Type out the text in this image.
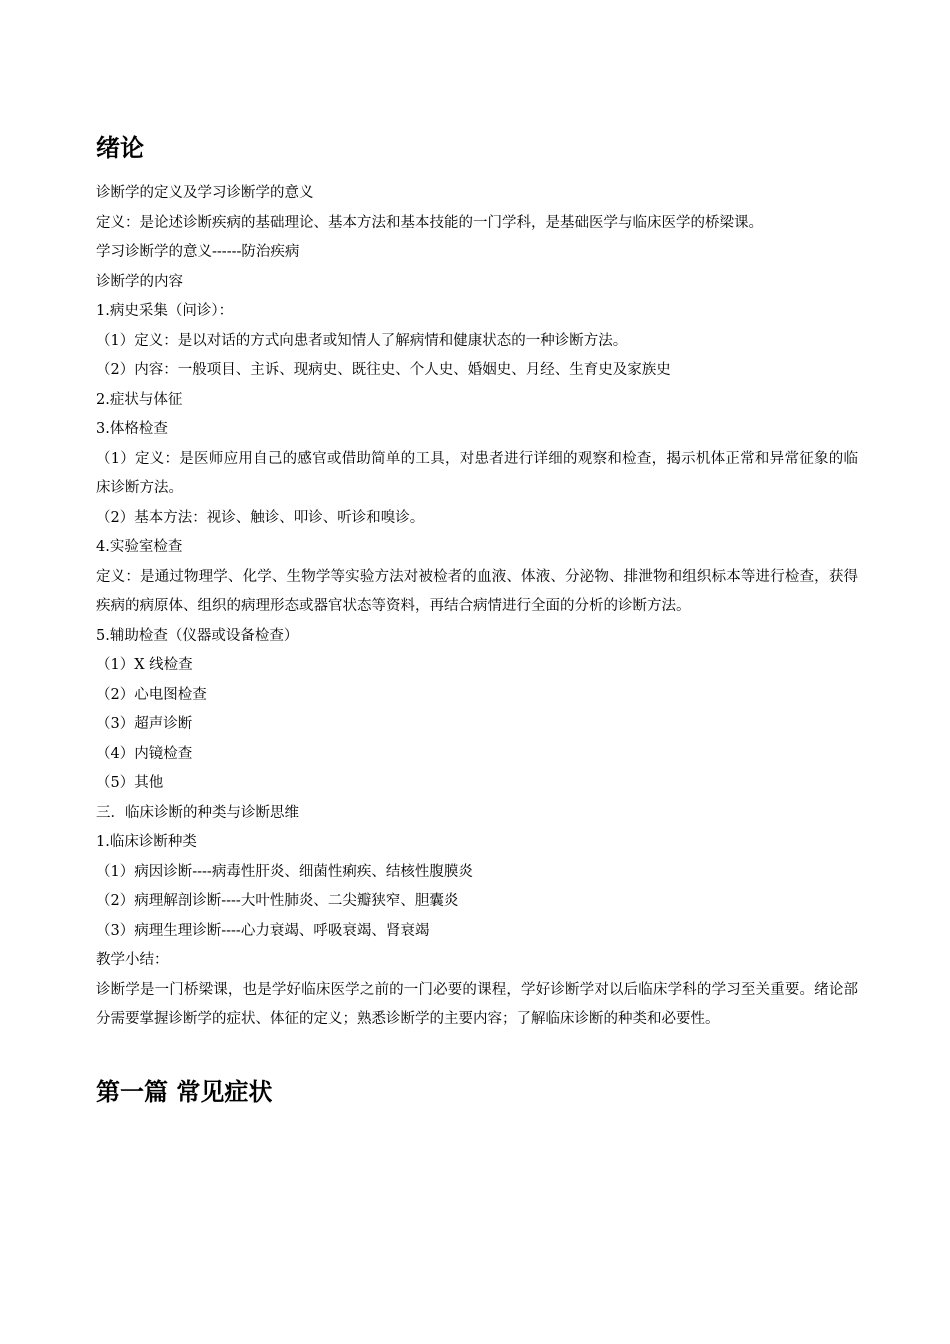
绪论
诊断学的定义及学习诊断学的意义
定义：是论述诊断疾病的基础理论、基本方法和基本技能的一门学科，是基础医学与临床医学的桥梁课。
学习诊断学的意义------防治疾病
诊断学的内容
1.病史采集（问诊）：
（1）定义：是以对话的方式向患者或知情人了解病情和健康状态的一种诊断方法。
（2）内容：一般项目、主诉、现病史、既往史、个人史、婚姻史、月经、生育史及家族史
2.症状与体征
3.体格检查
（1）定义：是医师应用自己的感官或借助简单的工具，对患者进行详细的观察和检查，揭示机体正常和异常征象的临床诊断方法。
（2）基本方法：视诊、触诊、叩诊、听诊和嗅诊。
4.实验室检查
定义：是通过物理学、化学、生物学等实验方法对被检者的血液、体液、分泌物、排泄物和组织标本等进行检查，获得疾病的病原体、组织的病理形态或器官状态等资料，再结合病情进行全面的分析的诊断方法。
5.辅助检查（仪器或设备检查）
（1）X 线检查
（2）心电图检查
（3）超声诊断
（4）内镜检查
（5）其他
三．临床诊断的种类与诊断思维
1.临床诊断种类
（1）病因诊断----病毒性肝炎、细菌性痢疾、结核性腹膜炎
（2）病理解剖诊断----大叶性肺炎、二尖瓣狭窄、胆囊炎
（3）病理生理诊断----心力衰竭、呼吸衰竭、肾衰竭
教学小结：
诊断学是一门桥梁课，也是学好临床医学之前的一门必要的课程，学好诊断学对以后临床学科的学习至关重要。绪论部分需要掌握诊断学的症状、体征的定义；熟悉诊断学的主要内容；了解临床诊断的种类和必要性。
第一篇 常见症状
